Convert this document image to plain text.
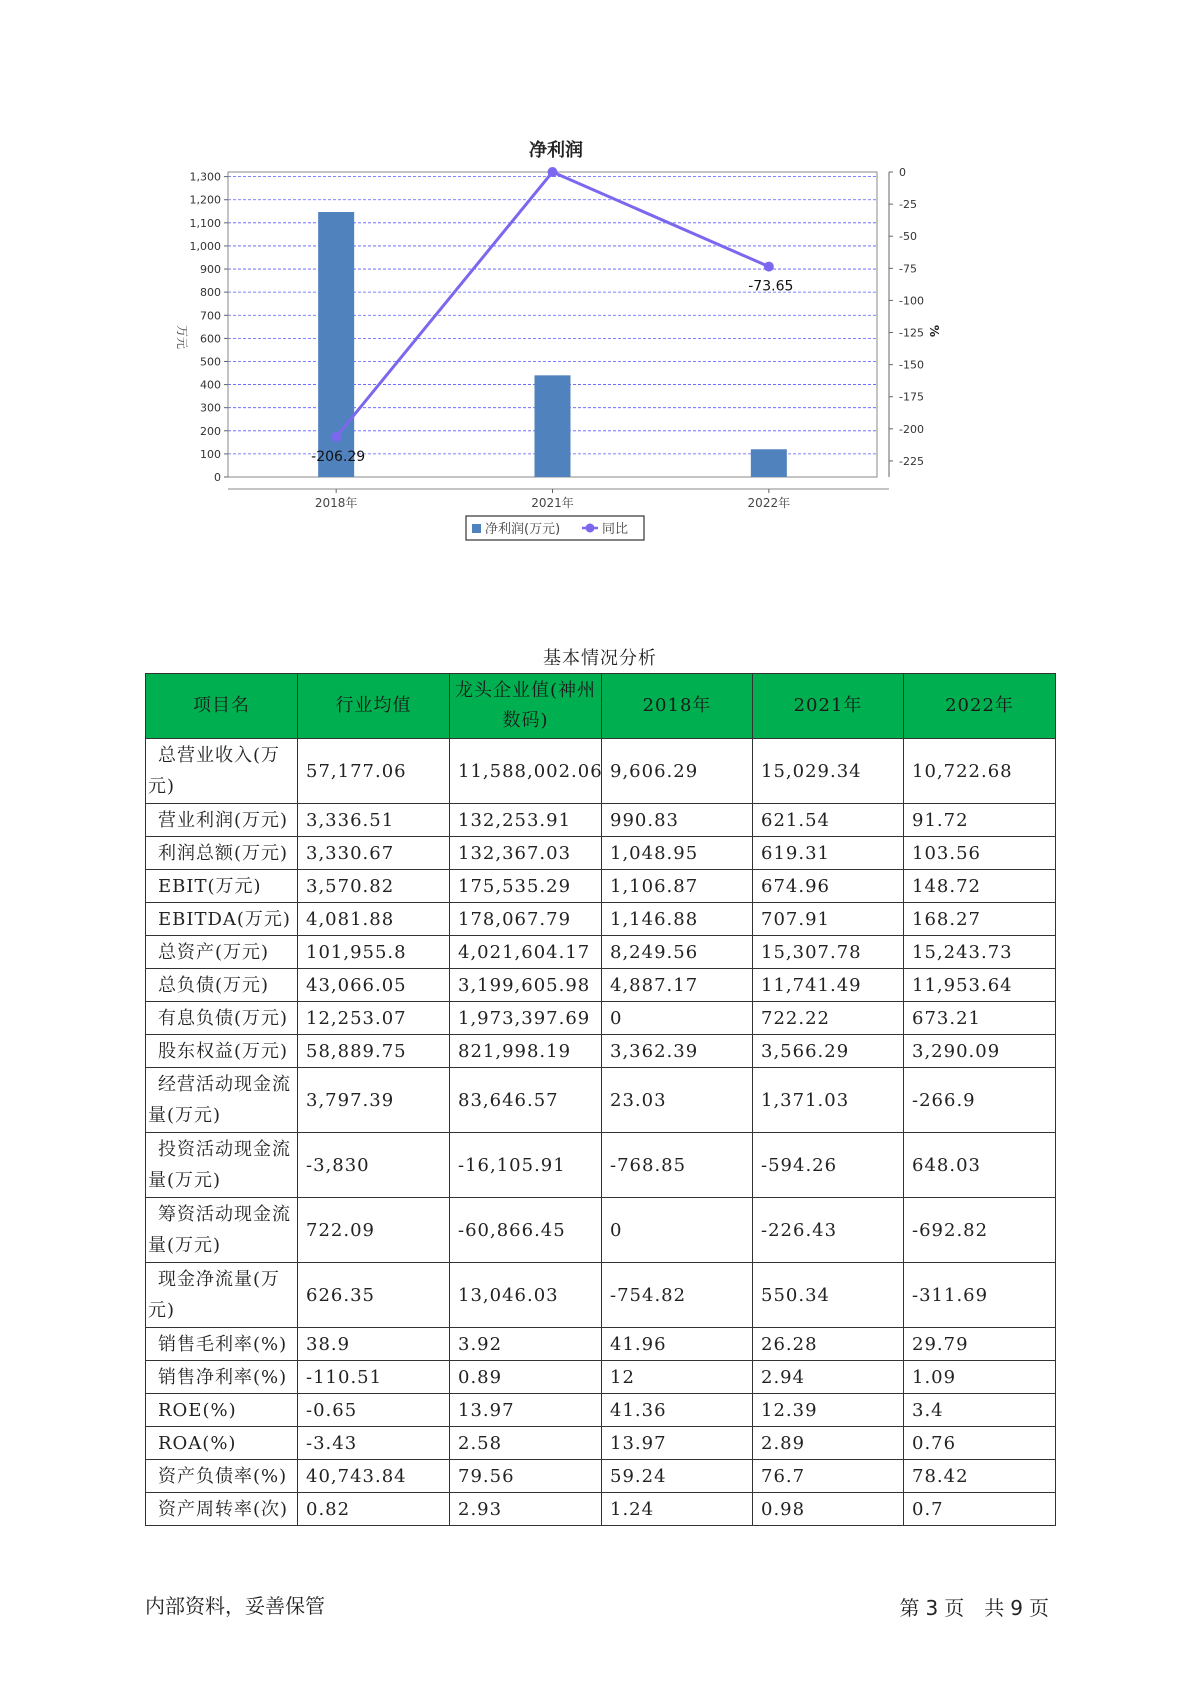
净利润
0
100
200
300
400
500
600
700
800
900
1,000
1,100
1,200
1,300	0
-25
-50
-75
-100
-125
-150
-175
-200
-225
2018年	2021年	2022年
-206.29
-73.65
万元	%
净利润(万元)	同比
基本情况分析
项目名	行业均值	龙头企业值(神州数码)	2018年	2021年	2022年
总营业收入(万元)	57,177.06	11,588,002.06	9,606.29	15,029.34	10,722.68
营业利润(万元)	3,336.51	132,253.91	990.83	621.54	91.72
利润总额(万元)	3,330.67	132,367.03	1,048.95	619.31	103.56
EBIT(万元)	3,570.82	175,535.29	1,106.87	674.96	148.72
EBITDA(万元)	4,081.88	178,067.79	1,146.88	707.91	168.27
总资产(万元)	101,955.8	4,021,604.17	8,249.56	15,307.78	15,243.73
总负债(万元)	43,066.05	3,199,605.98	4,887.17	11,741.49	11,953.64
有息负债(万元)	12,253.07	1,973,397.69	0	722.22	673.21
股东权益(万元)	58,889.75	821,998.19	3,362.39	3,566.29	3,290.09
经营活动现金流量(万元)	3,797.39	83,646.57	23.03	1,371.03	-266.9
投资活动现金流量(万元)	-3,830	-16,105.91	-768.85	-594.26	648.03
筹资活动现金流量(万元)	722.09	-60,866.45	0	-226.43	-692.82
现金净流量(万元)	626.35	13,046.03	-754.82	550.34	-311.69
销售毛利率(%)	38.9	3.92	41.96	26.28	29.79
销售净利率(%)	-110.51	0.89	12	2.94	1.09
ROE(%)	-0.65	13.97	41.36	12.39	3.4
ROA(%)	-3.43	2.58	13.97	2.89	0.76
资产负债率(%)	40,743.84	79.56	59.24	76.7	78.42
资产周转率(次)	0.82	2.93	1.24	0.98	0.7
内部资料，妥善保管	第 3 页　共 9 页
